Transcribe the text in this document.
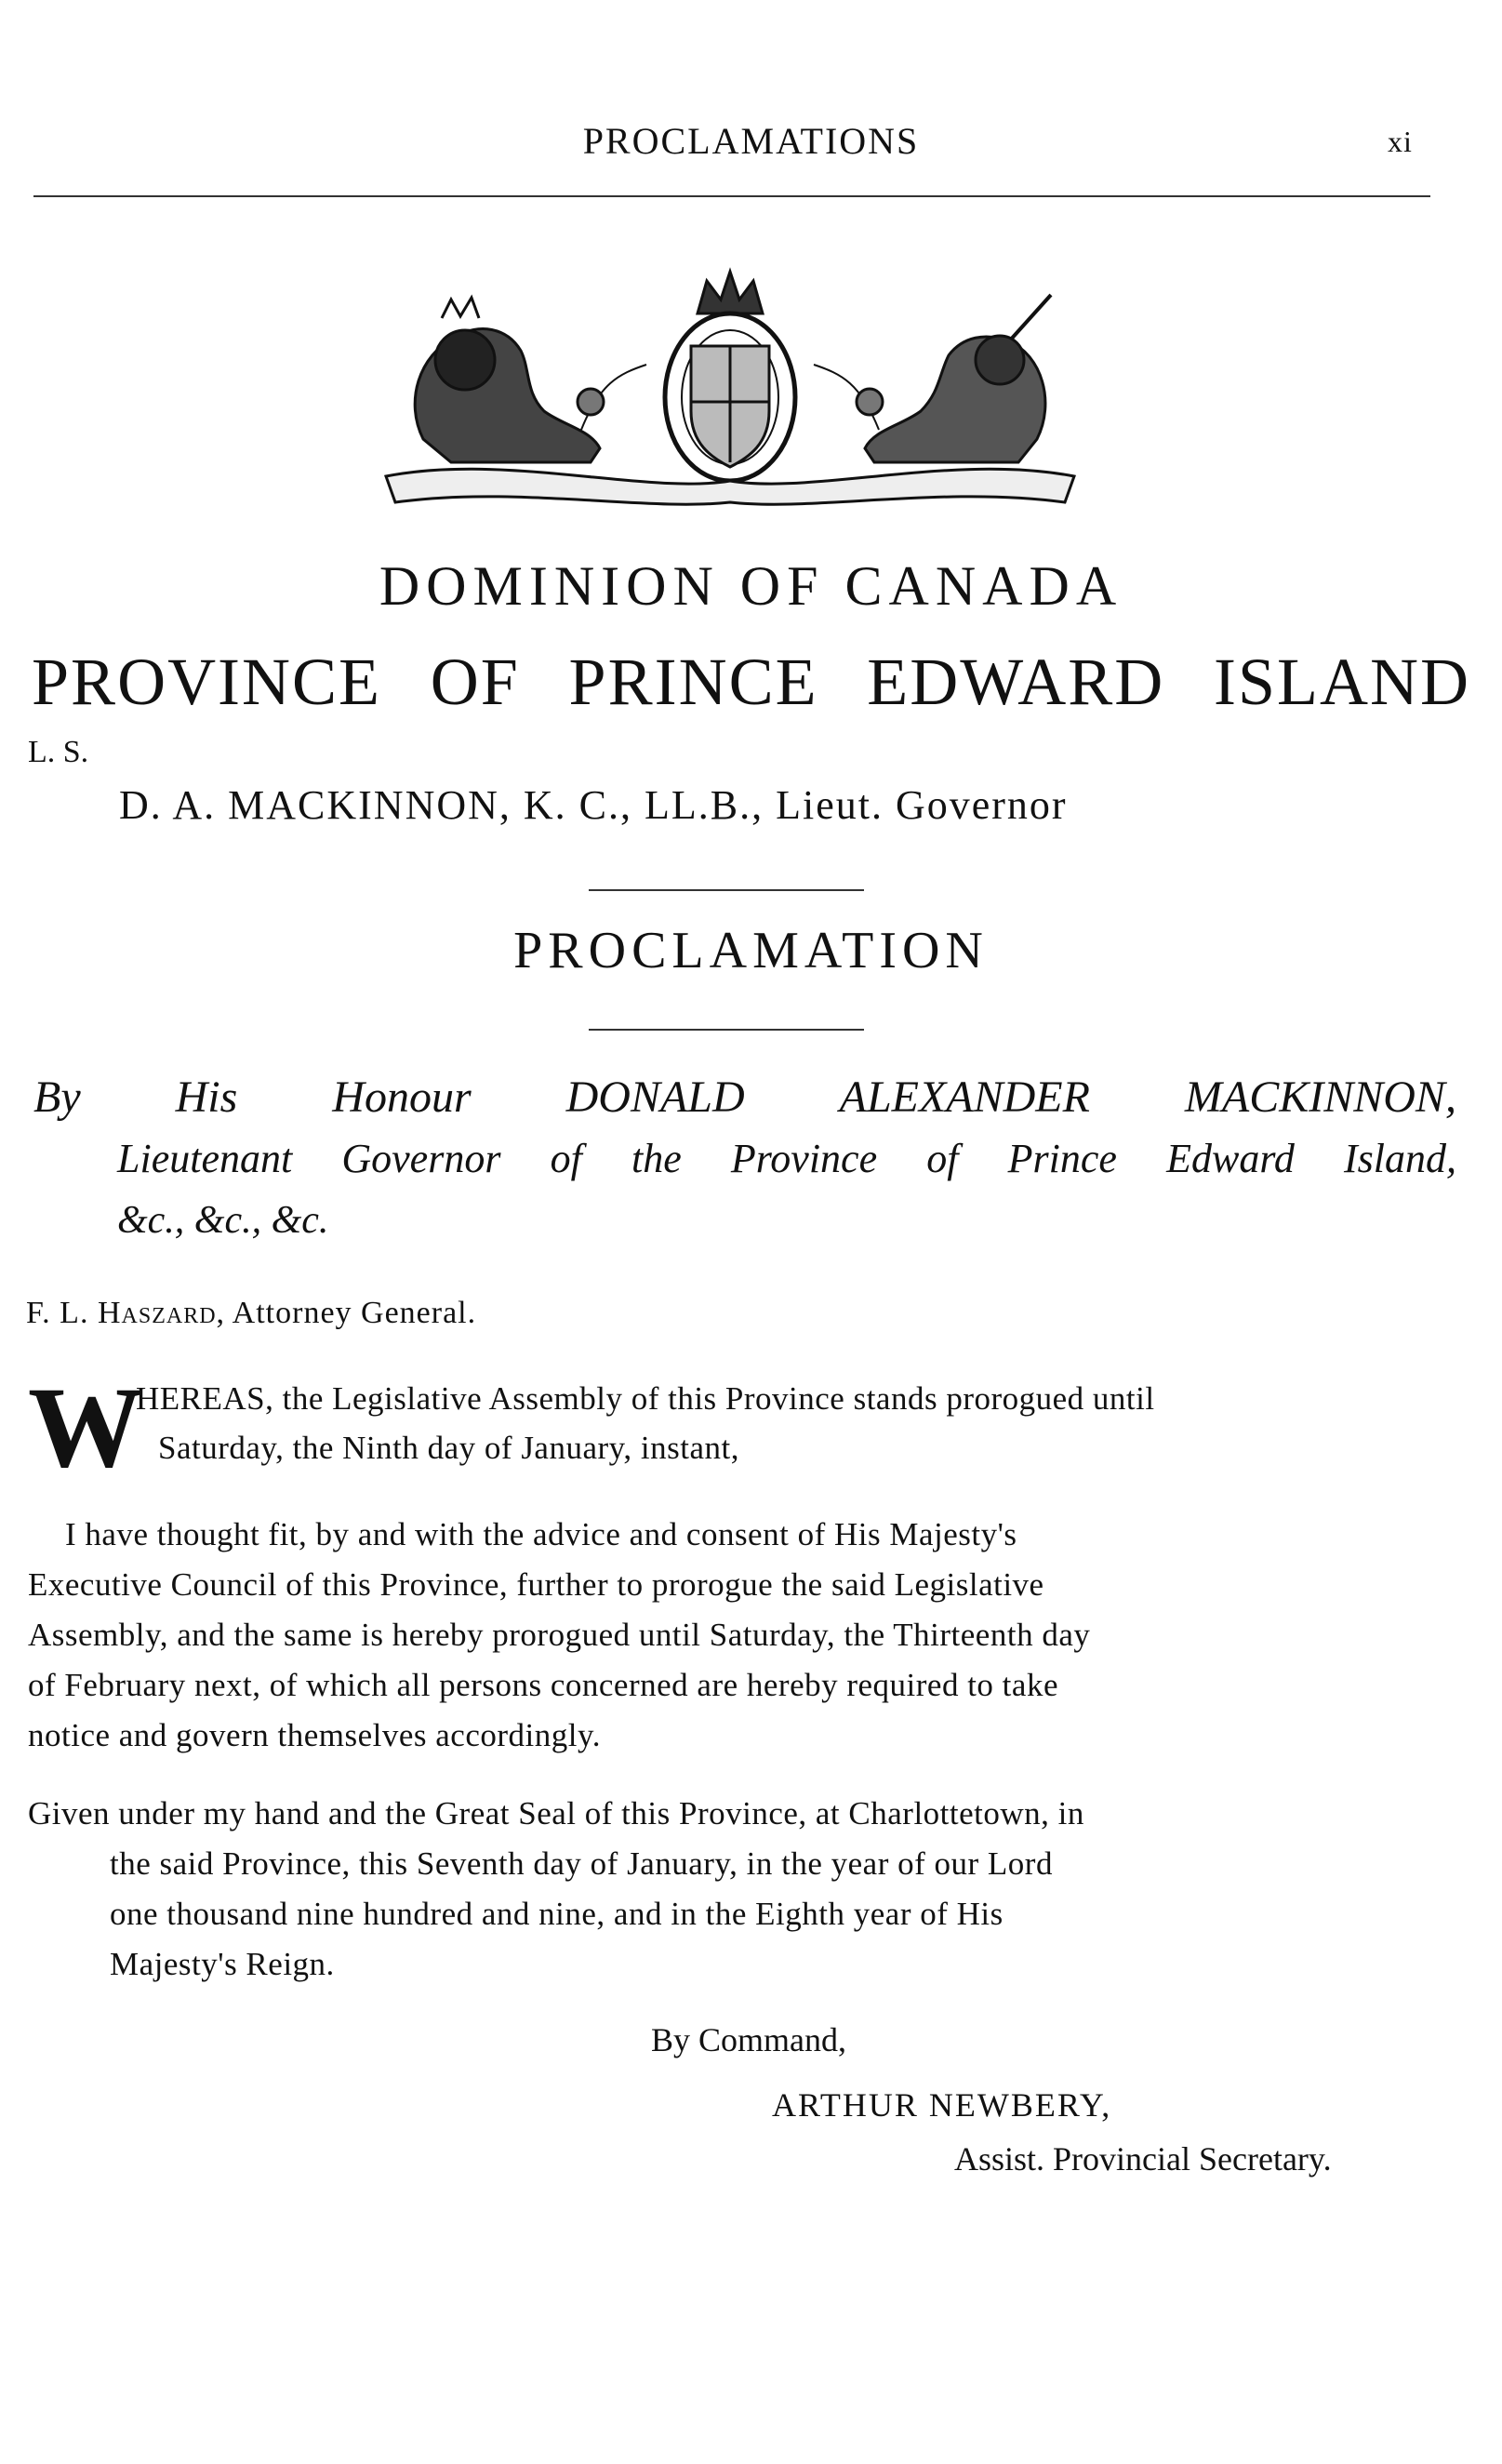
PROCLAMATIONS	xi
DOMINION OF CANADA
PROVINCE OF PRINCE EDWARD ISLAND
L. S.
D. A. MACKINNON, K. C., LL.B., Lieut. Governor
PROCLAMATION
By His Honour DONALD ALEXANDER MACKINNON,
Lieutenant Governor of the Province of Prince Edward Island,
&c., &c., &c.
F. L. Haszard, Attorney General.
W
HEREAS, the Legislative Assembly of this Province stands prorogued until
Saturday, the Ninth day of January, instant,
I have thought fit, by and with the advice and consent of His Majesty's
Executive Council of this Province, further to prorogue the said Legislative
Assembly, and the same is hereby prorogued until Saturday, the Thirteenth day
of February next, of which all persons concerned are hereby required to take
notice and govern themselves accordingly.
Given under my hand and the Great Seal of this Province, at Charlottetown, in
the said Province, this Seventh day of January, in the year of our Lord
one thousand nine hundred and nine, and in the Eighth year of His
Majesty's Reign.
By Command,
ARTHUR NEWBERY,
Assist. Provincial Secretary.
